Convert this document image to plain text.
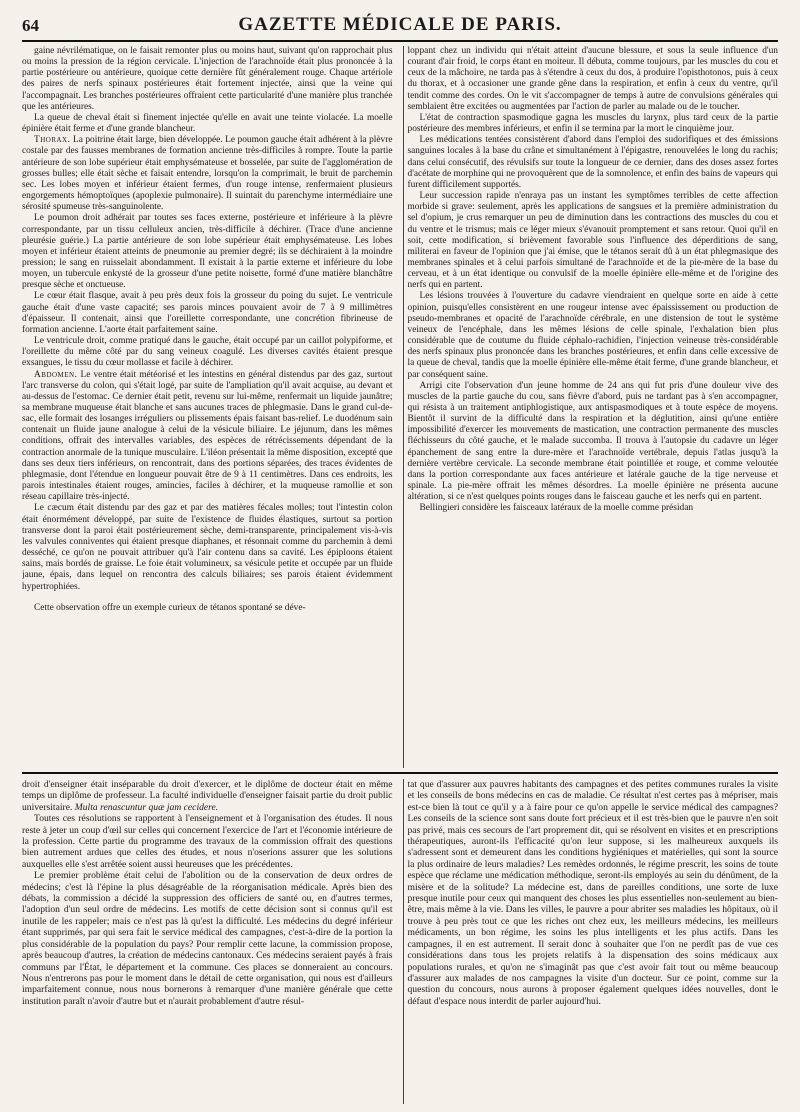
64	GAZETTE MÉDICALE DE PARIS.

gaine névrilématique, on le faisait remonter plus ou moins haut, suivant qu'on rapprochait plus ou moins la pression de la région cervicale. L'injection de l'arachnoïde était plus prononcée à la partie postérieure ou antérieure, quoique cette dernière fût généralement rouge. Chaque artériole des paires de nerfs spinaux postérieures était fortement injectée, ainsi que la veine qui l'accompagnait. Les branches postérieures offraient cette particularité d'une manière plus tranchée que les antérieures.

La queue de cheval était si finement injectée qu'elle en avait une teinte violacée. La moelle épinière était ferme et d'une grande blancheur.

Thorax. La poitrine était large, bien développée. Le poumon gauche était adhérent à la plèvre costale par des fausses membranes de formation ancienne très-difficiles à rompre. Toute la partie antérieure de son lobe supérieur était emphysémateuse et bosselée, par suite de l'agglomération de grosses bulles; elle était sèche et faisait entendre, lorsqu'on la comprimait, le bruit de parchemin sec. Les lobes moyen et inférieur étaient fermes, d'un rouge intense, renfermaient plusieurs engorgements hémoptoïques (apoplexie pulmonaire). Il suintait du parenchyme intermédiaire une sérosité spumeuse très-sanguinolente.

Le poumon droit adhérait par toutes ses faces externe, postérieure et inférieure à la plèvre correspondante, par un tissu celluleux ancien, très-difficile à déchirer. (Trace d'une ancienne pleurésie guérie.) La partie antérieure de son lobe supérieur était emphysémateuse. Les lobes moyen et inférieur étaient atteints de pneumonie au premier degré; ils se déchiraient à la moindre pression; le sang en ruisselait abondamment. Il existait à la partie externe et inférieure du lobe moyen, un tubercule enkysté de la grosseur d'une petite noisette, formé d'une matière blanchâtre presque sèche et onctueuse.

Le cœur était flasque, avait à peu près deux fois la grosseur du poing du sujet. Le ventricule gauche était d'une vaste capacité; ses parois minces pouvaient avoir de 7 à 9 millimètres d'épaisseur. Il contenait, ainsi que l'oreillette correspondante, une concrétion fibrineuse de formation ancienne. L'aorte était parfaitement saine.

Le ventricule droit, comme pratiqué dans le gauche, était occupé par un caillot polypiforme, et l'oreillette du même côté par du sang veineux coagulé. Les diverses cavités étaient presque exsangues, le tissu du cœur mollasse et facile à déchirer.

Abdomen. Le ventre était météorisé et les intestins en général distendus par des gaz, surtout l'arc transverse du colon, qui s'était logé, par suite de l'ampliation qu'il avait acquise, au devant et au-dessus de l'estomac. Ce dernier était petit, revenu sur lui-même, renfermait un liquide jaunâtre; sa membrane muqueuse était blanche et sans aucunes traces de phlegmasie. Dans le grand cul-de-sac, elle formait des losanges irréguliers ou plissements épais faisant bas-relief. Le duodénum sain contenait un fluide jaune analogue à celui de la vésicule biliaire. Le jéjunum, dans les mêmes conditions, offrait des intervalles variables, des espèces de rétrécissements dépendant de la contraction anormale de la tunique musculaire. L'iléon présentait la même disposition, excepté que dans ses deux tiers inférieurs, on rencontrait, dans des portions séparées, des traces évidentes de phlegmasie, dont l'étendue en longueur pouvait être de 9 à 11 centimètres. Dans ces endroits, les parois intestinales étaient rouges, amincies, faciles à déchirer, et la muqueuse ramollie et son réseau capillaire très-injecté.

Le cæcum était distendu par des gaz et par des matières fécales molles; tout l'intestin colon était énormément développé, par suite de l'existence de fluides élastiques, surtout sa portion transverse dont la paroi était postérieurement sèche, demi-transparente, principalement vis-à-vis les valvules conniventes qui étaient presque diaphanes, et résonnait comme du parchemin à demi desséché, ce qu'on ne pouvait attribuer qu'à l'air contenu dans sa cavité. Les épiploons étaient sains, mais bordés de graisse. Le foie était volumineux, sa vésicule petite et occupée par un fluide jaune, épais, dans lequel on rencontra des calculs biliaires; ses parois étaient évidemment hypertrophiées.

Cette observation offre un exemple curieux de tétanos spontané se déve-

loppant chez un individu qui n'était atteint d'aucune blessure, et sous la seule influence d'un courant d'air froid, le corps étant en moiteur. Il débuta, comme toujours, par les muscles du cou et ceux de la mâchoire, ne tarda pas à s'étendre à ceux du dos, à produire l'opisthotonos, puis à ceux du thorax, et à occasioner une grande gêne dans la respiration, et enfin à ceux du ventre, qu'il tendit comme des cordes. On le vit s'accompagner de temps à autre de convulsions générales qui semblaient être excitées ou augmentées par l'action de parler au malade ou de le toucher.

L'état de contraction spasmodique gagna les muscles du larynx, plus tard ceux de la partie postérieure des membres inférieurs, et enfin il se termina par la mort le cinquième jour.

Les médications tentées consistèrent d'abord dans l'emploi des sudorifiques et des émissions sanguines locales à la base du crâne et simultanément à l'épigastre, renouvelées le long du rachis; dans celui consécutif, des révulsifs sur toute la longueur de ce dernier, dans des doses assez fortes d'acétate de morphine qui ne provoquèrent que de la somnolence, et enfin des bains de vapeurs qui furent difficilement supportés.

Leur succession rapide n'enraya pas un instant les symptômes terribles de cette affection morbide si grave: seulement, après les applications de sangsues et la première administration du sel d'opium, je crus remarquer un peu de diminution dans les contractions des muscles du cou et du ventre et le trismus; mais ce léger mieux s'évanouit promptement et sans retour. Quoi qu'il en soit, cette modification, si brièvement favorable sous l'influence des déperditions de sang, militerai en faveur de l'opinion que j'ai émise, que le tétanos serait dû à un état phlegmasique des membranes spinales et à celui parfois simultané de l'arachnoïde et de la pie-mère de la base du cerveau, et à un état identique ou convulsif de la moelle épinière elle-même et de l'origine des nerfs qui en partent.

Les lésions trouvées à l'ouverture du cadavre viendraient en quelque sorte en aide à cette opinion, puisqu'elles consistèrent en une rougeur intense avec épaississement ou production de pseudo-membranes et opacité de l'arachnoïde cérébrale, en une distension de tout le système veineux de l'encéphale, dans les mêmes lésions de celle spinale, l'exhalation bien plus considérable que de coutume du fluide céphalo-rachidien, l'injection veineuse très-considérable des nerfs spinaux plus prononcée dans les branches postérieures, et enfin dans celle excessive de la queue de cheval, tandis que la moelle épinière elle-même était ferme, d'une grande blancheur, et par conséquent saine.

Arrigi cite l'observation d'un jeune homme de 24 ans qui fut pris d'une douleur vive des muscles de la partie gauche du cou, sans fièvre d'abord, puis ne tardant pas à s'en accompagner, qui résista à un traitement antiphlogistique, aux antispasmodiques et à toute espèce de moyens. Bientôt il survint de la difficulté dans la respiration et la déglutition, ainsi qu'une entière impossibilité d'exercer les mouvements de mastication, une contraction permanente des muscles fléchisseurs du côté gauche, et le malade succomba. Il trouva à l'autopsie du cadavre un léger épanchement de sang entre la dure-mère et l'arachnoïde vertébrale, depuis l'atlas jusqu'à la dernière vertèbre cervicale. La seconde membrane était pointillée et rouge, et comme veloutée dans la portion correspondante aux faces antérieure et latérale gauche de la tige nerveuse et spinale. La pie-mère offrait les mêmes désordres. La moelle épinière ne présenta aucune altération, si ce n'est quelques points rouges dans le faisceau gauche et les nerfs qui en partent.

Bellingieri considère les faisceaux latéraux de la moelle comme présidan

droit d'enseigner était inséparable du droit d'exercer, et le diplôme de docteur était en même temps un diplôme de professeur. La faculté individuelle d'enseigner faisait partie du droit public universitaire. Multa renascuntur quæ jam cecidere.

Toutes ces résolutions se rapportent à l'enseignement et à l'organisation des études. Il nous reste à jeter un coup d'œil sur celles qui concernent l'exercice de l'art et l'économie intérieure de la profession. Cette partie du programme des travaux de la commission offrait des questions bien autrement ardues que celles des études, et nous n'oserions assurer que les solutions auxquelles elle s'est arrêtée soient aussi heureuses que les précédentes.

Le premier problème était celui de l'abolition ou de la conservation de deux ordres de médecins; c'est là l'épine la plus désagréable de la réorganisation médicale. Après bien des débats, la commission a décidé la suppression des officiers de santé ou, en d'autres termes, l'adoption d'un seul ordre de médecins. Les motifs de cette décision sont si connus qu'il est inutile de les rappeler; mais ce n'est pas là qu'est la difficulté. Les médecins du degré inférieur étant supprimés, par qui sera fait le service médical des campagnes, c'est-à-dire de la portion la plus considérable de la population du pays? Pour remplir cette lacune, la commission propose, après beaucoup d'autres, la création de médecins cantonaux. Ces médecins seraient payés à frais communs par l'État, le département et la commune. Ces places se donneraient au concours. Nous n'entrerons pas pour le moment dans le détail de cette organisation, qui nous est d'ailleurs imparfaitement connue, nous nous bornerons à remarquer d'une manière générale que cette institution paraît n'avoir d'autre but et n'aurait probablement d'autre résul-

tat que d'assurer aux pauvres habitants des campagnes et des petites communes rurales la visite et les conseils de bons médecins en cas de maladie. Ce résultat n'est certes pas à mépriser, mais est-ce bien là tout ce qu'il y a à faire pour ce qu'on appelle le service médical des campagnes? Les conseils de la science sont sans doute fort précieux et il est très-bien que le pauvre n'en soit pas privé, mais ces secours de l'art proprement dit, qui se résolvent en visites et en prescriptions thérapeutiques, auront-ils l'efficacité qu'on leur suppose, si les malheureux auxquels ils s'adressent sont et demeurent dans les conditions hygiéniques et matérielles, qui sont la source la plus ordinaire de leurs maladies? Les remèdes ordonnés, le régime prescrit, les soins de toute espèce que réclame une médication méthodique, seront-ils employés au sein du dénûment, de la misère et de la solitude? La médecine est, dans de pareilles conditions, une sorte de luxe presque inutile pour ceux qui manquent des choses les plus essentielles non-seulement au bien-être, mais même à la vie. Dans les villes, le pauvre a pour abriter ses maladies les hôpitaux, où il trouve à peu près tout ce que les riches ont chez eux, les meilleurs médecins, les meilleurs médicaments, un bon régime, les soins les plus intelligents et les plus actifs. Dans les campagnes, il en est autrement. Il serait donc à souhaiter que l'on ne perdît pas de vue ces considérations dans tous les projets relatifs à la dispensation des soins médicaux aux populations rurales, et qu'on ne s'imaginât pas que c'est avoir fait tout ou même beaucoup d'assurer aux malades de nos campagnes la visite d'un docteur. Sur ce point, comme sur la question du concours, nous aurons à proposer également quelques idées nouvelles, dont le défaut d'espace nous interdit de parler aujourd'hui.
